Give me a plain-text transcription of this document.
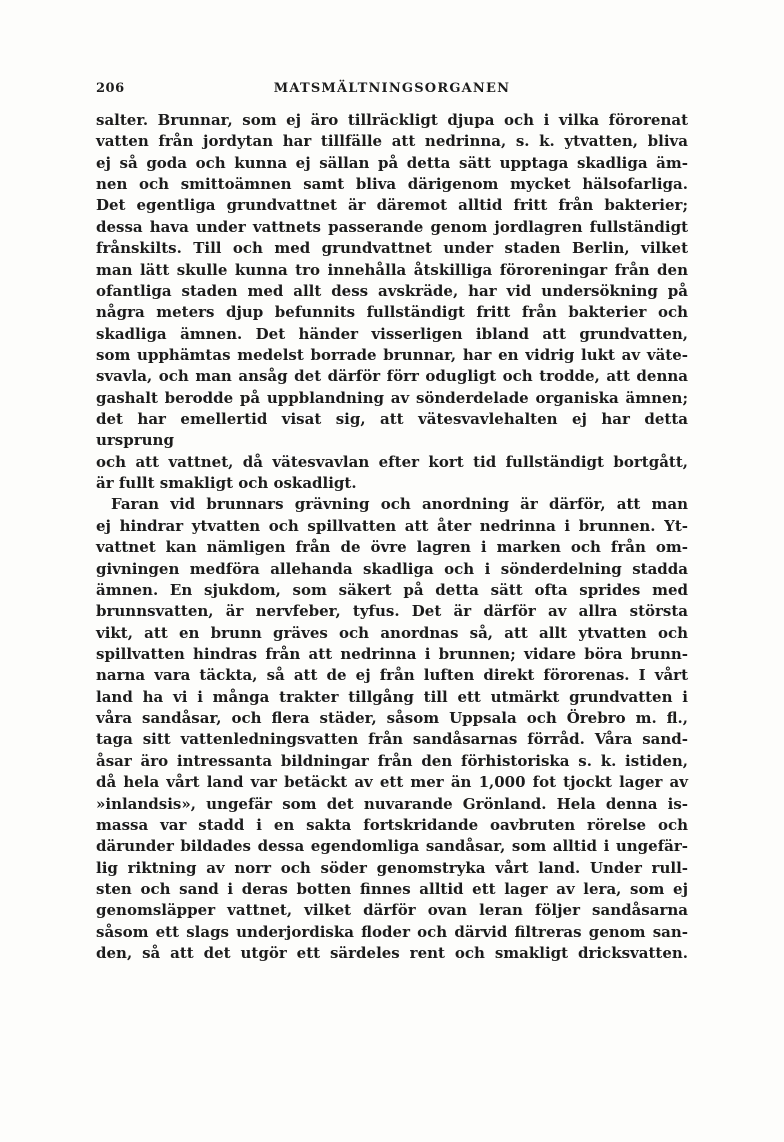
206	MATSMÄLTNINGSORGANEN
salter. Brunnar, som ej äro tillräckligt djupa och i vilka förorenat
vatten från jordytan har tillfälle att nedrinna, s. k. ytvatten, bliva
ej så goda och kunna ej sällan på detta sätt upptaga skadliga äm-
nen och smittoämnen samt bliva därigenom mycket hälsofarliga.
Det egentliga grundvattnet är däremot alltid fritt från bakterier;
dessa hava under vattnets passerande genom jordlagren fullständigt
frånskilts. Till och med grundvattnet under staden Berlin, vilket
man lätt skulle kunna tro innehålla åtskilliga föroreningar från den
ofantliga staden med allt dess avskräde, har vid undersökning på
några meters djup befunnits fullständigt fritt från bakterier och
skadliga ämnen. Det händer visserligen ibland att grundvatten,
som upphämtas medelst borrade brunnar, har en vidrig lukt av väte-
svavla, och man ansåg det därför förr odugligt och trodde, att denna
gashalt berodde på uppblandning av sönderdelade organiska ämnen;
det har emellertid visat sig, att vätesvavlehalten ej har detta ursprung
och att vattnet, då vätesvavlan efter kort tid fullständigt bortgått,
är fullt smakligt och oskadligt.
Faran vid brunnars grävning och anordning är därför, att man
ej hindrar ytvatten och spillvatten att åter nedrinna i brunnen. Yt-
vattnet kan nämligen från de övre lagren i marken och från om-
givningen medföra allehanda skadliga och i sönderdelning stadda
ämnen. En sjukdom, som säkert på detta sätt ofta sprides med
brunnsvatten, är nervfeber, tyfus. Det är därför av allra största
vikt, att en brunn gräves och anordnas så, att allt ytvatten och
spillvatten hindras från att nedrinna i brunnen; vidare böra brunn-
narna vara täckta, så att de ej från luften direkt förorenas. I vårt
land ha vi i många trakter tillgång till ett utmärkt grundvatten i
våra sandåsar, och flera städer, såsom Uppsala och Örebro m. fl.,
taga sitt vattenledningsvatten från sandåsarnas förråd. Våra sand-
åsar äro intressanta bildningar från den förhistoriska s. k. istiden,
då hela vårt land var betäckt av ett mer än 1,000 fot tjockt lager av
»inlandsis», ungefär som det nuvarande Grönland. Hela denna is-
massa var stadd i en sakta fortskridande oavbruten rörelse och
därunder bildades dessa egendomliga sandåsar, som alltid i ungefär-
lig riktning av norr och söder genomstryka vårt land. Under rull-
sten och sand i deras botten finnes alltid ett lager av lera, som ej
genomsläpper vattnet, vilket därför ovan leran följer sandåsarna
såsom ett slags underjordiska floder och därvid filtreras genom san-
den, så att det utgör ett särdeles rent och smakligt dricksvatten.
